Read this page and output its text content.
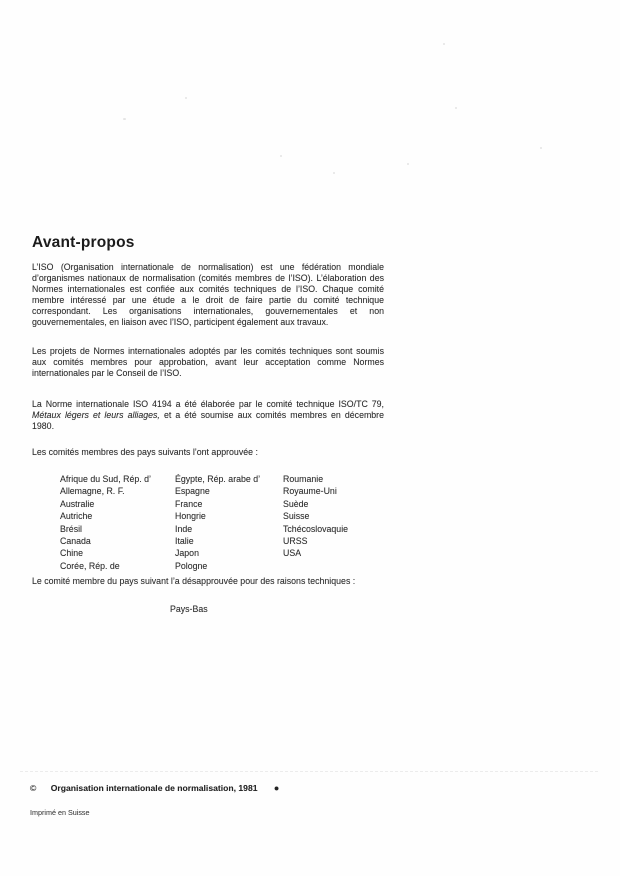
Avant-propos

L’ISO (Organisation internationale de normalisation) est une fédération mondiale d’organismes nationaux de normalisation (comités membres de l’ISO). L’élaboration des Normes internationales est confiée aux comités techniques de l’ISO. Chaque comité membre intéressé par une étude a le droit de faire partie du comité technique correspondant. Les organisations internationales, gouvernementales et non gouvernementales, en liaison avec l’ISO, participent également aux travaux.

Les projets de Normes internationales adoptés par les comités techniques sont soumis aux comités membres pour approbation, avant leur acceptation comme Normes internationales par le Conseil de l’ISO.

La Norme internationale ISO 4194 a été élaborée par le comité technique ISO/TC 79, Métaux légers et leurs alliages, et a été soumise aux comités membres en décembre 1980.

Les comités membres des pays suivants l’ont approuvée :

Afrique du Sud, Rép. d’
Allemagne, R. F.
Australie
Autriche
Brésil
Canada
Chine
Corée, Rép. de
Égypte, Rép. arabe d’
Espagne
France
Hongrie
Inde
Italie
Japon
Pologne
Roumanie
Royaume-Uni
Suède
Suisse
Tchécoslovaquie
URSS
USA

Le comité membre du pays suivant l’a désapprouvée pour des raisons techniques :

Pays-Bas

© Organisation internationale de normalisation, 1981 ●

Imprimé en Suisse
